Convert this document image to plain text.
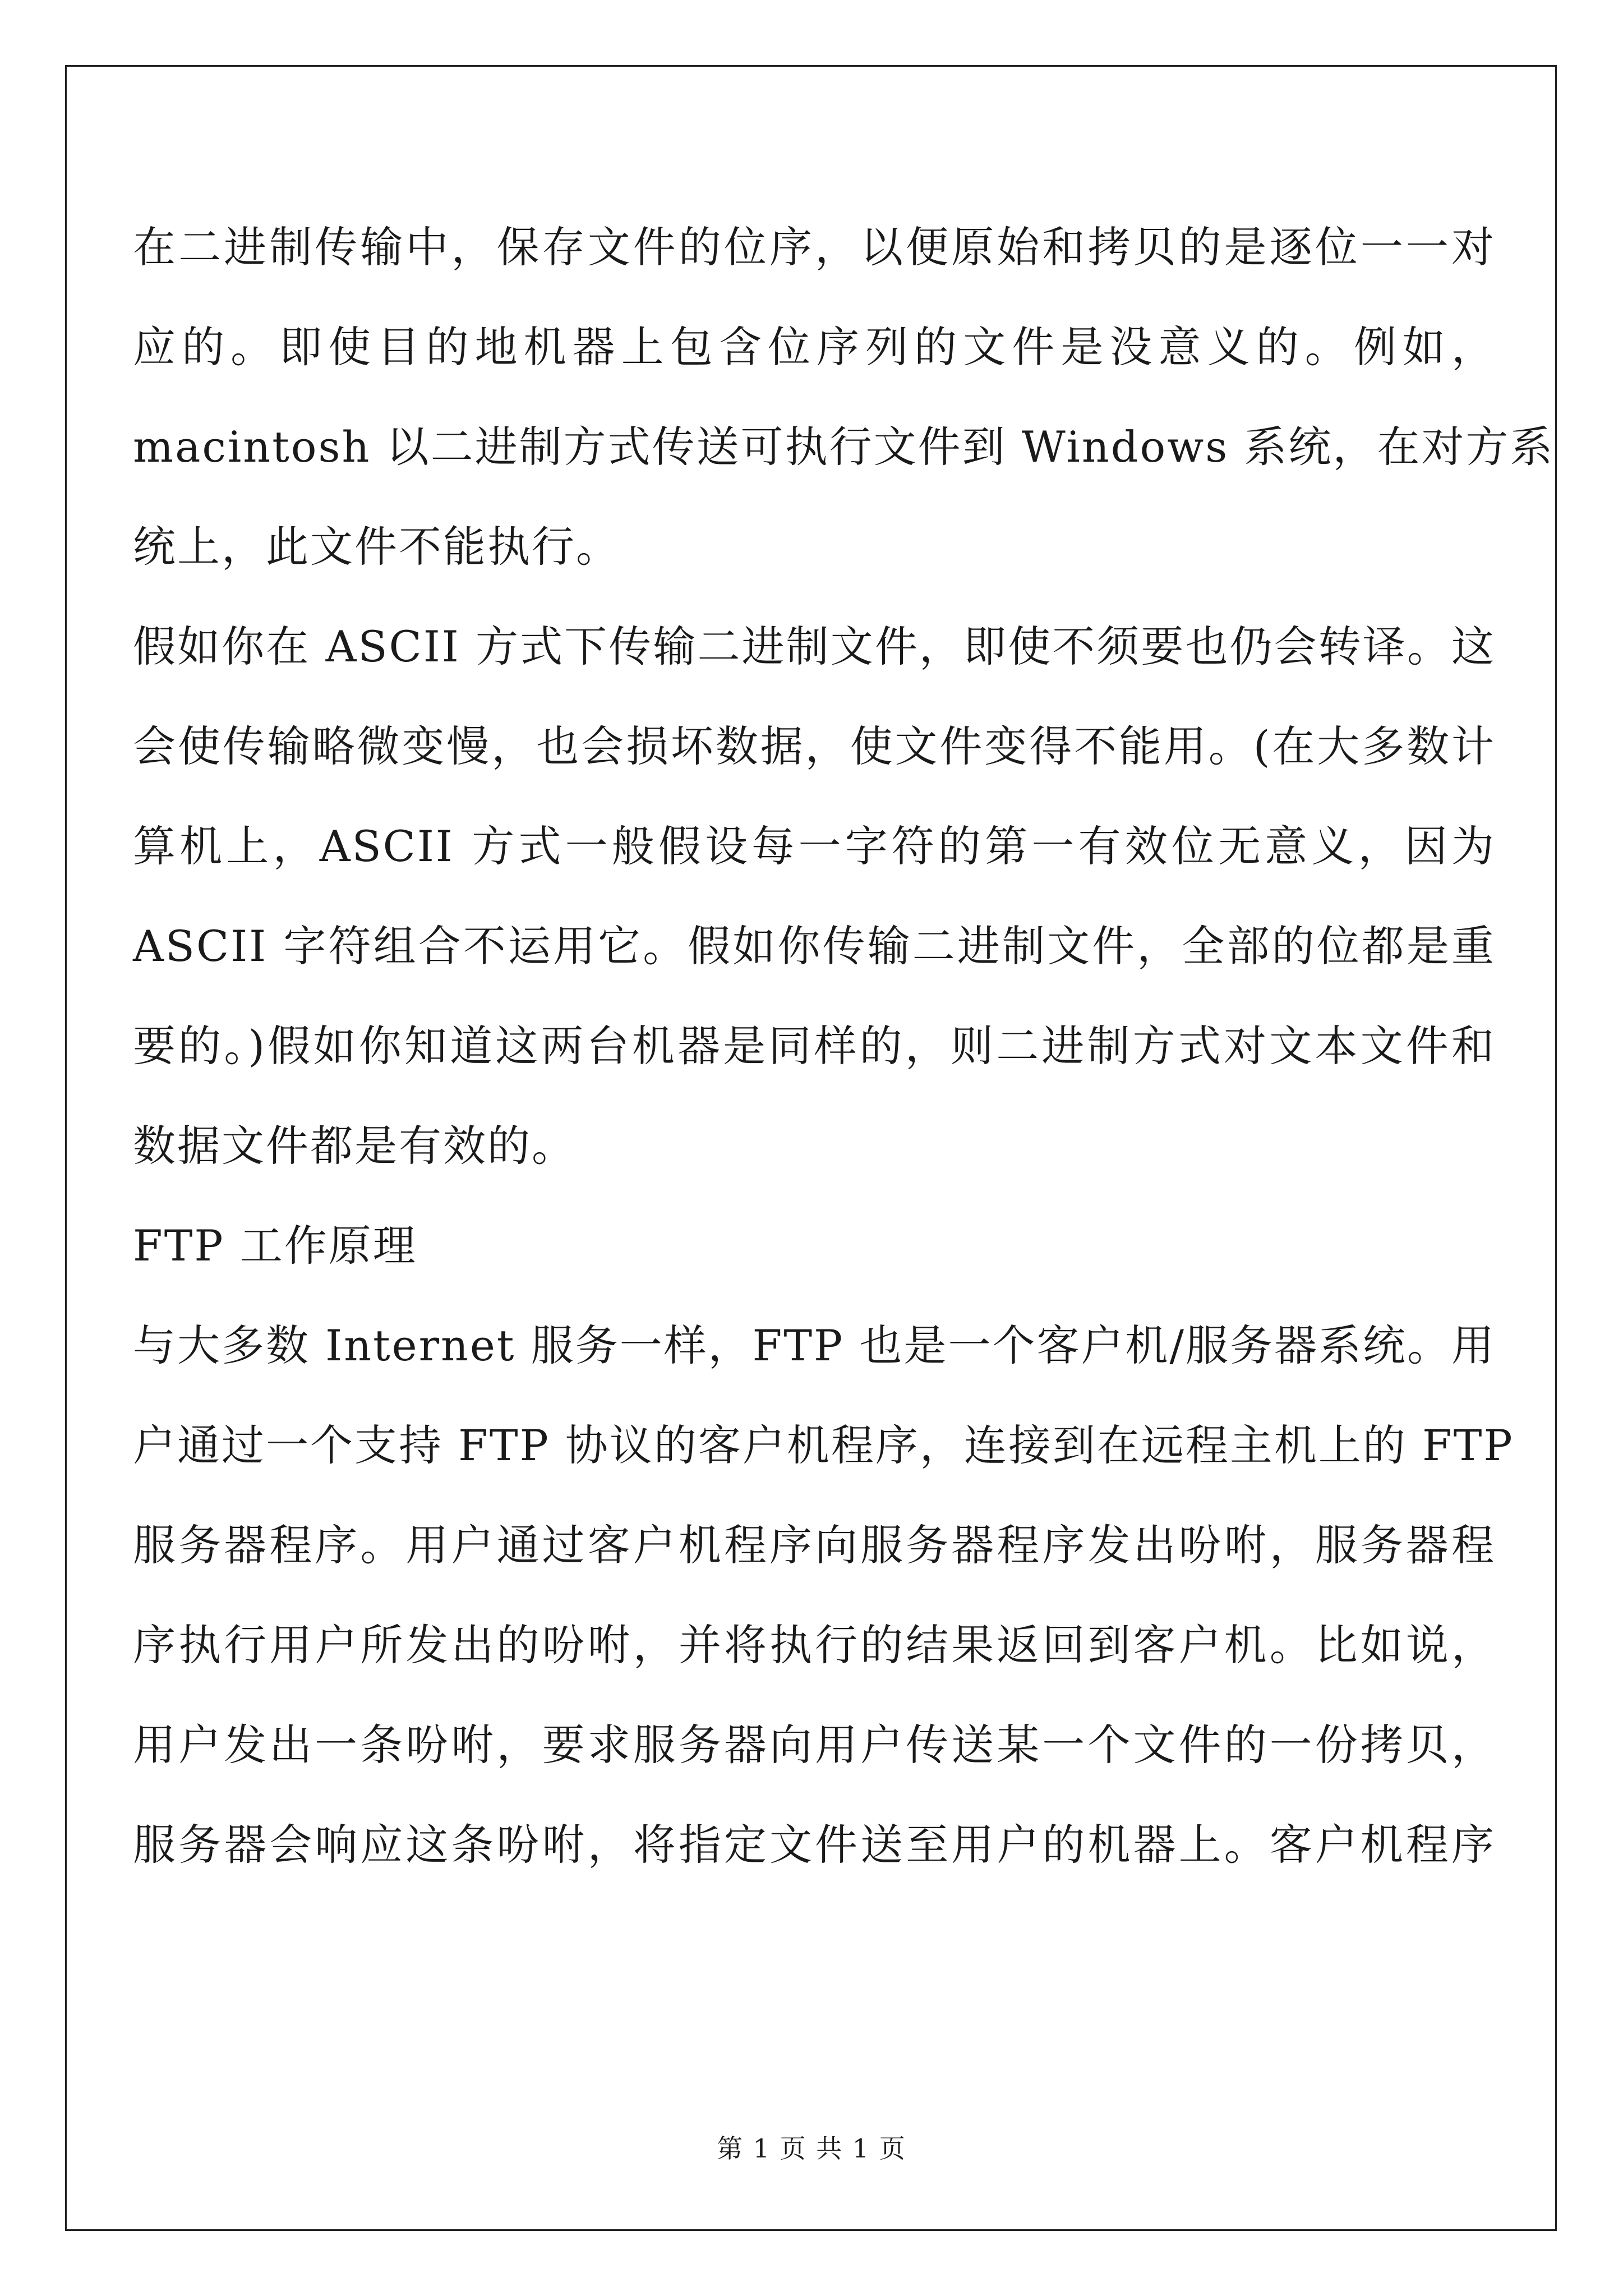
在二进制传输中，保存文件的位序，以便原始和拷贝的是逐位一一对

应的。即使目的地机器上包含位序列的文件是没意义的。例如，

macintosh 以二进制方式传送可执行文件到 Windows 系统，在对方系

统上，此文件不能执行。

假如你在 ASCII 方式下传输二进制文件，即使不须要也仍会转译。这

会使传输略微变慢，也会损坏数据，使文件变得不能用。(在大多数计

算机上，ASCII 方式一般假设每一字符的第一有效位无意义，因为

ASCII 字符组合不运用它。假如你传输二进制文件，全部的位都是重

要的。)假如你知道这两台机器是同样的，则二进制方式对文本文件和

数据文件都是有效的。

FTP 工作原理

与大多数 Internet 服务一样，FTP 也是一个客户机/服务器系统。用

户通过一个支持 FTP 协议的客户机程序，连接到在远程主机上的 FTP

服务器程序。用户通过客户机程序向服务器程序发出吩咐，服务器程

序执行用户所发出的吩咐，并将执行的结果返回到客户机。比如说，

用户发出一条吩咐，要求服务器向用户传送某一个文件的一份拷贝，

服务器会响应这条吩咐，将指定文件送至用户的机器上。客户机程序

第 1 页 共 1 页
